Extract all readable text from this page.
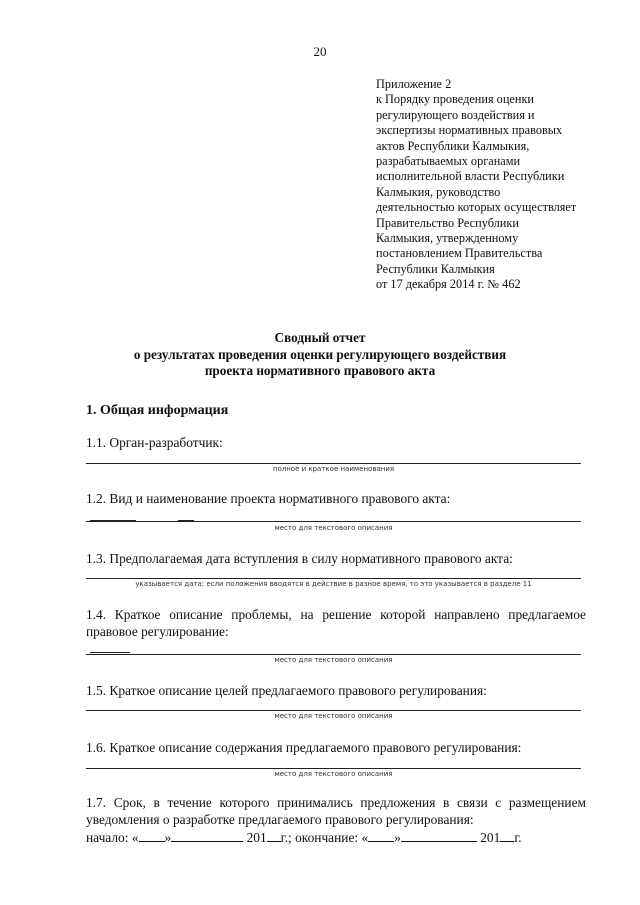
20
Приложение 2
к Порядку проведения оценки
регулирующего воздействия и
экспертизы нормативных правовых
актов Республики Калмыкия,
разрабатываемых органами
исполнительной власти Республики
Калмыкия, руководство
деятельностью которых осуществляет
Правительство Республики
Калмыкия, утвержденному
постановлением Правительства
Республики Калмыкия
от 17 декабря 2014 г. № 462
Сводный отчет
о результатах проведения оценки регулирующего воздействия
проекта нормативного правового акта
1. Общая информация
1.1. Орган-разработчик:
полное и краткое наименования
1.2. Вид и наименование проекта нормативного правового акта:
место для текстового описания
1.3. Предполагаемая дата вступления в силу нормативного правового акта:
указывается дата; если положения вводятся в действие в разное время, то это указывается в разделе 11
1.4. Краткое описание проблемы, на решение которой направлено предлагаемое правовое регулирование:
место для текстового описания
1.5. Краткое описание целей предлагаемого правового регулирования:
место для текстового описания
1.6. Краткое описание содержания предлагаемого правового регулирования:
место для текстового описания
1.7. Срок, в течение которого принимались предложения в связи с размещением уведомления о разработке предлагаемого правового регулирования:
начало: « »	201 г.; окончание: « »	201 г.
